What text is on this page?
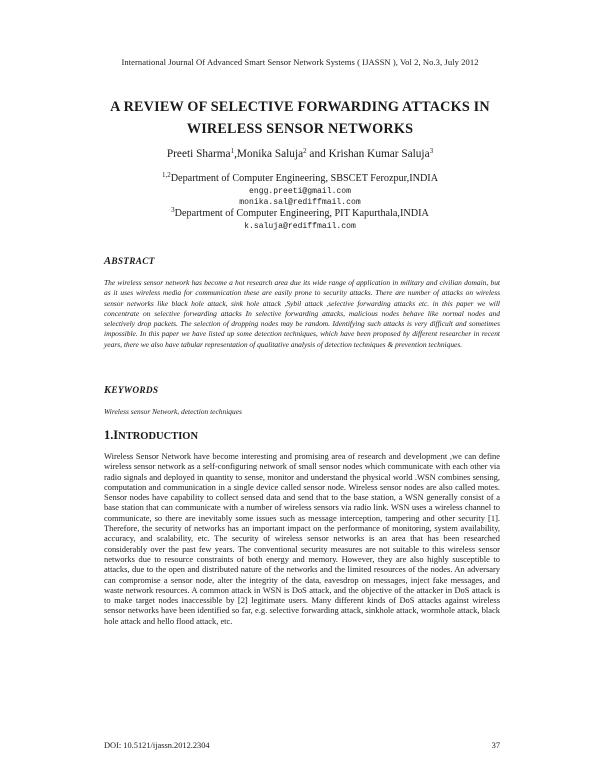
International Journal Of Advanced Smart Sensor Network Systems ( IJASSN ), Vol 2, No.3, July 2012
A REVIEW OF SELECTIVE FORWARDING ATTACKS IN
WIRELESS SENSOR NETWORKS
Preeti Sharma$^1$,Monika Saluja$^2$ and Krishan Kumar Saluja$^3$
$^{1,2}$Department of Computer Engineering, SBSCET Ferozpur,INDIA
engg.preeti@gmail.com
monika.sal@rediffmail.com
$^3$Department of Computer Engineering, PIT Kapurthala,INDIA
k.saluja@rediffmail.com
ABSTRACT
The wireless sensor network has become a hot research area due its wide range of application in military and civilian domain, but as it uses wireless media for communication these are easily prone to security attacks. There are number of attacks on wireless sensor networks like black hole attack, sink hole attack ,Sybil attack ,selective forwarding attacks etc. in this paper we will concentrate on selective forwarding attacks In selective forwarding attacks, malicious nodes behave like normal nodes and selectively drop packets. The selection of dropping nodes may be random. Identifying such attacks is very difficult and sometimes impossible. In this paper we have listed up some detection techniques, which have been proposed by different researcher in recent years, there we also have tabular representation of qualitative analysis of detection techniques & prevention techniques.
KEYWORDS
Wireless sensor Network, detection techniques
1.INTRODUCTION

Wireless Sensor Network have become interesting and promising area of research and development ,we can define wireless sensor network as a self-configuring network of small sensor nodes which communicate with each other via radio signals and deployed in quantity to sense, monitor and understand the physical world .WSN combines sensing, computation and communication in a single device called sensor node. Wireless sensor nodes are also called motes. Sensor nodes have capability to collect sensed data and send that to the base station, a WSN generally consist of a base station that can communicate with a number of wireless sensors via radio link. WSN uses a wireless channel to communicate, so there are inevitably some issues such as message interception, tampering and other security [1]. Therefore, the security of networks has an important impact on the performance of monitoring, system availability, accuracy, and scalability, etc. The security of wireless sensor networks is an area that has been researched considerably over the past few years. The conventional security measures are not suitable to this wireless sensor networks due to resource constraints of both energy and memory. However, they are also highly susceptible to attacks, due to the open and distributed nature of the networks and the limited resources of the nodes. An adversary can compromise a sensor node, alter the integrity of the data, eavesdrop on messages, inject fake messages, and waste network resources. A common attack in WSN is DoS attack, and the objective of the attacker in DoS attack is to make target nodes inaccessible by [2] legitimate users. Many different kinds of DoS attacks against wireless sensor networks have been identified so far, e.g. selective forwarding attack, sinkhole attack, wormhole attack, black hole attack and hello flood attack, etc.

DOI: 10.5121/ijassn.2012.2304	37
